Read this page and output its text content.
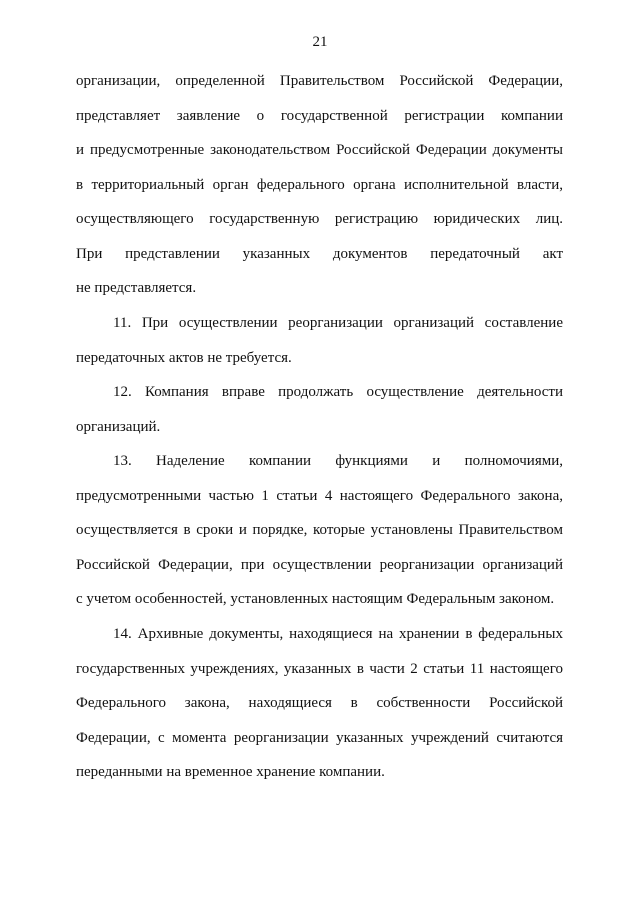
21
организации, определенной Правительством Российской Федерации,
представляет заявление о государственной регистрации компании
и предусмотренные законодательством Российской Федерации документы
в территориальный орган федерального органа исполнительной власти,
осуществляющего государственную регистрацию юридических лиц.
При представлении указанных документов передаточный акт
не представляется.
11. При осуществлении реорганизации организаций составление
передаточных актов не требуется.
12. Компания вправе продолжать осуществление деятельности
организаций.
13. Наделение компании функциями и полномочиями,
предусмотренными частью 1 статьи 4 настоящего Федерального закона,
осуществляется в сроки и порядке, которые установлены Правительством
Российской Федерации, при осуществлении реорганизации организаций
с учетом особенностей, установленных настоящим Федеральным законом.
14. Архивные документы, находящиеся на хранении в федеральных
государственных учреждениях, указанных в части 2 статьи 11 настоящего
Федерального закона, находящиеся в собственности Российской
Федерации, с момента реорганизации указанных учреждений считаются
переданными на временное хранение компании.
